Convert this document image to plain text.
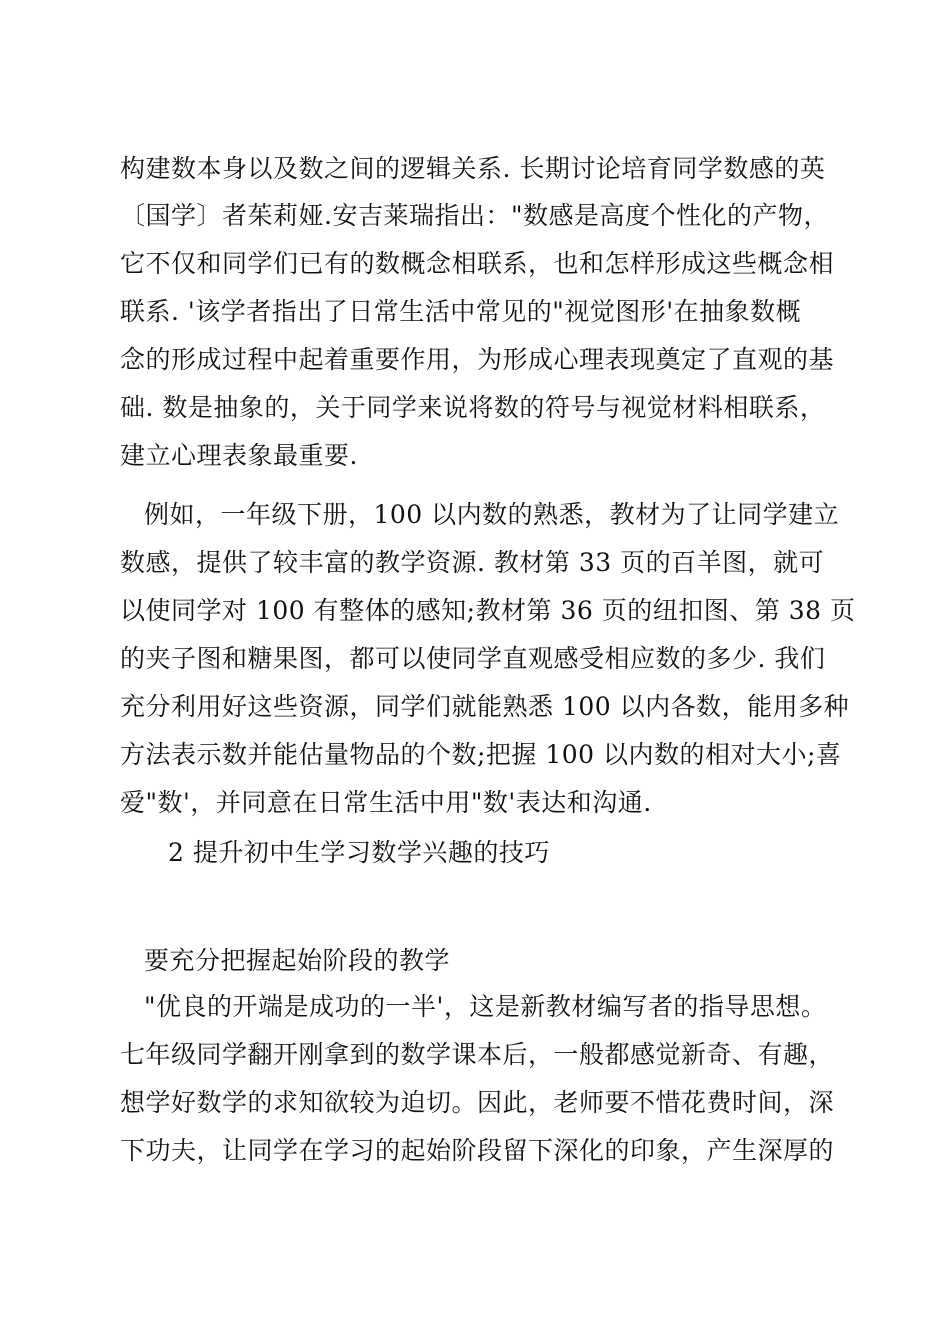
构建数本身以及数之间的逻辑关系. 长期讨论培育同学数感的英
〔国学〕者茱莉娅.安吉莱瑞指出："数感是高度个性化的产物，
它不仅和同学们已有的数概念相联系，也和怎样形成这些概念相
联系. '该学者指出了日常生活中常见的"视觉图形'在抽象数概
念的形成过程中起着重要作用，为形成心理表现奠定了直观的基
础. 数是抽象的，关于同学来说将数的符号与视觉材料相联系，
建立心理表象最重要.
例如，一年级下册，100 以内数的熟悉，教材为了让同学建立
数感，提供了较丰富的教学资源. 教材第 33 页的百羊图，就可
以使同学对 100 有整体的感知;教材第 36 页的纽扣图、第 38 页
的夹子图和糖果图，都可以使同学直观感受相应数的多少. 我们
充分利用好这些资源，同学们就能熟悉 100 以内各数，能用多种
方法表示数并能估量物品的个数;把握 100 以内数的相对大小;喜
爱"数'，并同意在日常生活中用"数'表达和沟通.
2 提升初中生学习数学兴趣的技巧
要充分把握起始阶段的教学
"优良的开端是成功的一半'，这是新教材编写者的指导思想。
七年级同学翻开刚拿到的数学课本后，一般都感觉新奇、有趣，
想学好数学的求知欲较为迫切。因此，老师要不惜花费时间，深
下功夫，让同学在学习的起始阶段留下深化的印象，产生深厚的
